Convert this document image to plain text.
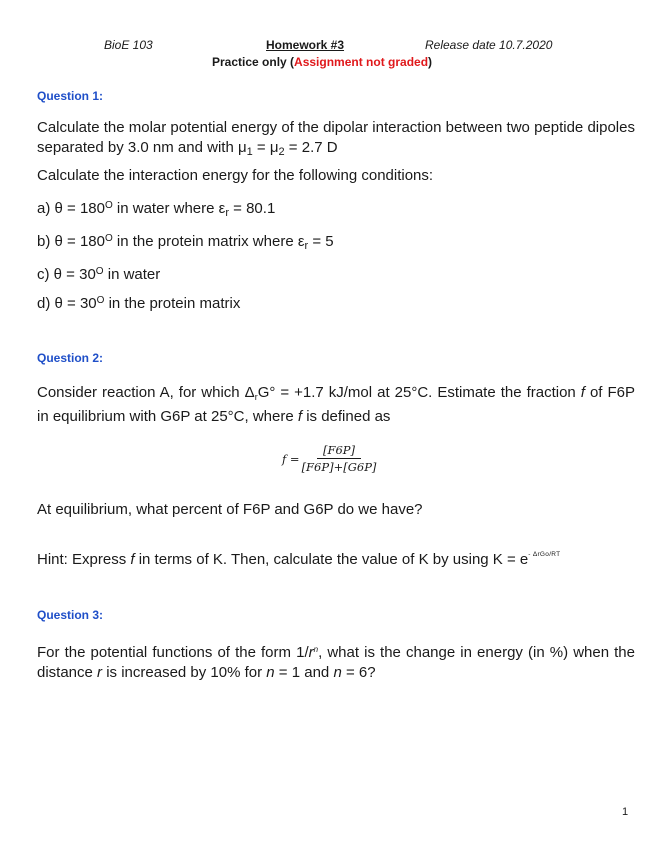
BioE 103	Homework #3	Release date 10.7.2020
Practice only (Assignment not graded)
Question 1:
Calculate the molar potential energy of the dipolar interaction between two peptide dipoles separated by 3.0 nm and with $\mu_1 = \mu_2 = 2.7$ D
Calculate the interaction energy for the following conditions:
a) $\theta = 180^O$ in water where $\varepsilon_r = 80.1$
b) $\theta = 180^O$ in the protein matrix where $\varepsilon_r = 5$
c) $\theta = 30^O$ in water
d) $\theta = 30^O$ in the protein matrix
Question 2:
Consider reaction A, for which $\Delta_rG^\circ = +1.7$ kJ/mol at 25°C. Estimate the fraction f of F6P in equilibrium with G6P at 25°C, where f is defined as
$f = \frac{[F6P]}{[F6P]+[G6P]}$
At equilibrium, what percent of F6P and G6P do we have?
Hint: Express f in terms of K. Then, calculate the value of K by using $K = e^{- \Delta rGo/RT}$
Question 3:
For the potential functions of the form $1/r^n$, what is the change in energy (in %) when the distance r is increased by 10% for n = 1 and n = 6?
1
